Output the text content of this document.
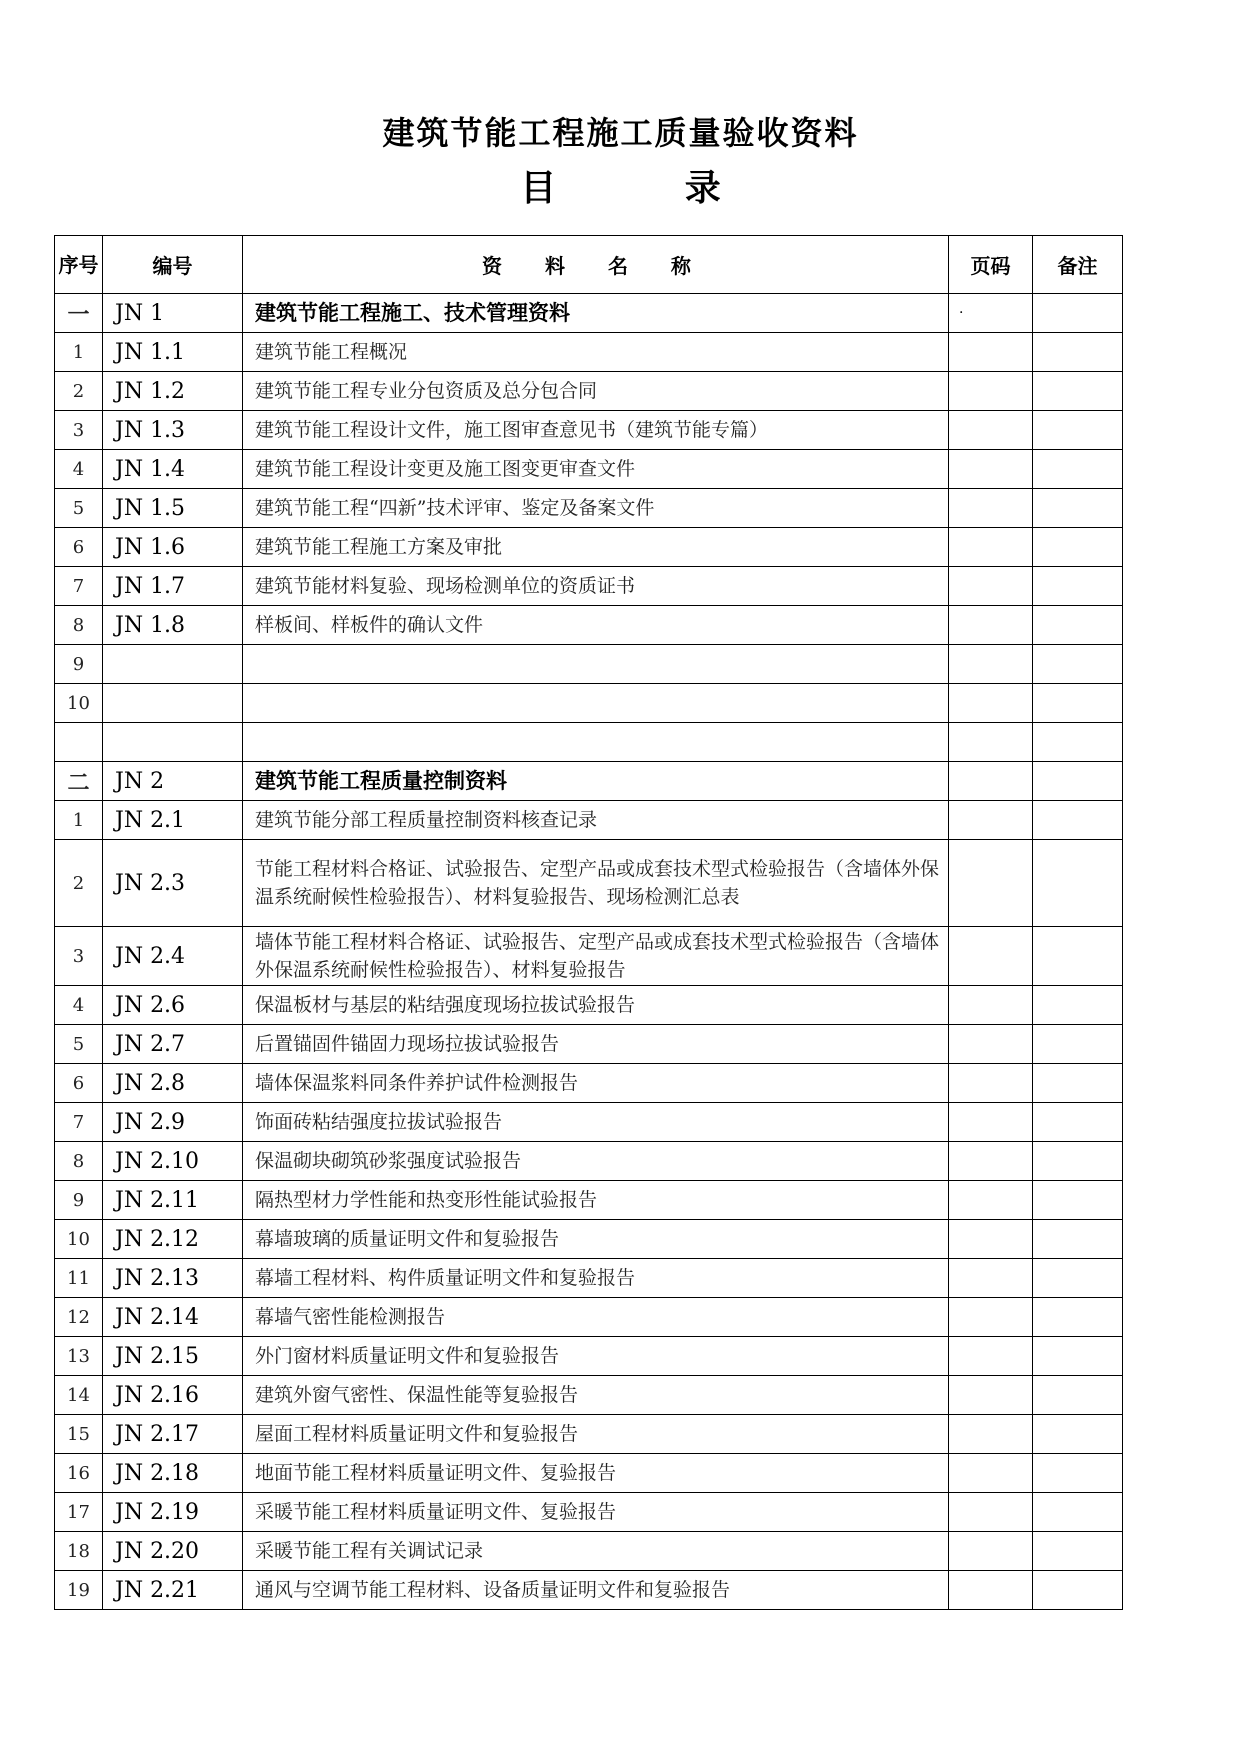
建筑节能工程施工质量验收资料
目 录
序号	编号	资 料 名 称	页码	备注
一	JN 1	建筑节能工程施工、技术管理资料	·	
1	JN 1.1	建筑节能工程概况		
2	JN 1.2	建筑节能工程专业分包资质及总分包合同		
3	JN 1.3	建筑节能工程设计文件，施工图审查意见书（建筑节能专篇）		
4	JN 1.4	建筑节能工程设计变更及施工图变更审查文件		
5	JN 1.5	建筑节能工程“四新”技术评审、鉴定及备案文件		
6	JN 1.6	建筑节能工程施工方案及审批		
7	JN 1.7	建筑节能材料复验、现场检测单位的资质证书		
8	JN 1.8	样板间、样板件的确认文件		
9				
10				

二	JN 2	建筑节能工程质量控制资料		
1	JN 2.1	建筑节能分部工程质量控制资料核查记录		
2	JN 2.3	节能工程材料合格证、试验报告、定型产品或成套技术型式检验报告（含墙体外保温系统耐候性检验报告）、材料复验报告、现场检测汇总表		
3	JN 2.4	墙体节能工程材料合格证、试验报告、定型产品或成套技术型式检验报告（含墙体外保温系统耐候性检验报告）、材料复验报告		
4	JN 2.6	保温板材与基层的粘结强度现场拉拔试验报告		
5	JN 2.7	后置锚固件锚固力现场拉拔试验报告		
6	JN 2.8	墙体保温浆料同条件养护试件检测报告		
7	JN 2.9	饰面砖粘结强度拉拔试验报告		
8	JN 2.10	保温砌块砌筑砂浆强度试验报告		
9	JN 2.11	隔热型材力学性能和热变形性能试验报告		
10	JN 2.12	幕墙玻璃的质量证明文件和复验报告		
11	JN 2.13	幕墙工程材料、构件质量证明文件和复验报告		
12	JN 2.14	幕墙气密性能检测报告		
13	JN 2.15	外门窗材料质量证明文件和复验报告		
14	JN 2.16	建筑外窗气密性、保温性能等复验报告		
15	JN 2.17	屋面工程材料质量证明文件和复验报告		
16	JN 2.18	地面节能工程材料质量证明文件、复验报告		
17	JN 2.19	采暖节能工程材料质量证明文件、复验报告		
18	JN 2.20	采暖节能工程有关调试记录		
19	JN 2.21	通风与空调节能工程材料、设备质量证明文件和复验报告		
